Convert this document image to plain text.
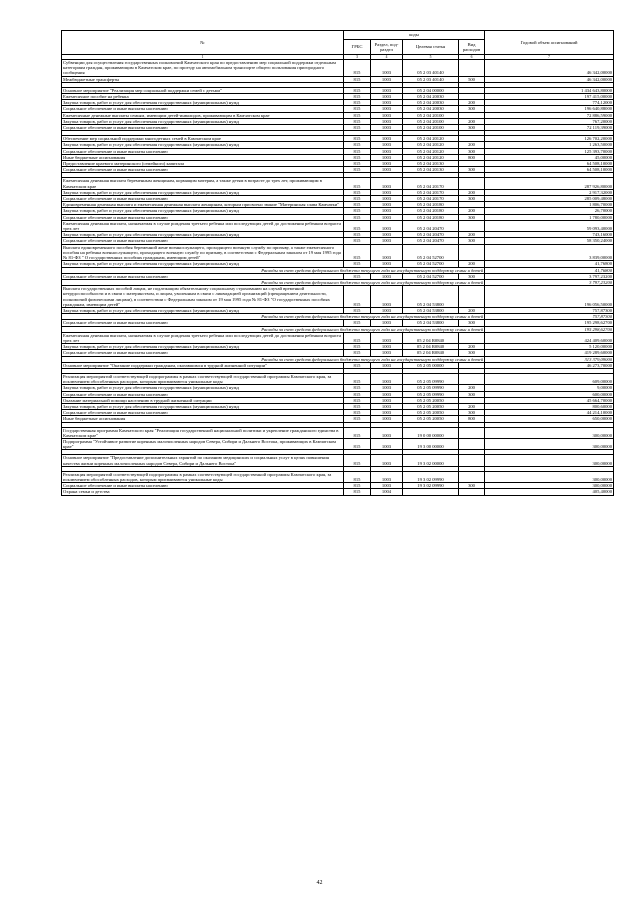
№	коды				Годовой объем ассигнований
	ГРБС	Раздел, под-раздел	Целевая статья	Вид расходов	
1	3	4	5	6	7
Субвенции для осуществления государственных полномочий Камчатского края по предоставлению мер социальной поддержки отдельным категориям граждан, проживающим в Камчатском крае, по проезду на автомобильном транспорте общего пользования пригородного сообщения	815	1003	05 2 03 40140		46 342,00000
Межбюджетные трансферты	815	1003	05 2 03 40140	500	46 342,00000

Основное мероприятие "Реализация мер социальной поддержки семей с детьми"	815	1003	05 2 04 00000		1 434 643,80000
Ежемесячное пособие на ребенка	815	1003	05 2 04 20030		197 415,00000
Закупка товаров, работ и услуг для обеспечения государственных (муниципальных) нужд	815	1003	05 2 04 20030	200	774,12000
Социальное обеспечение и иные выплаты населению	815	1003	05 2 04 20030	300	196 640,88000
Ежемесячные денежные выплаты семьям, имеющим детей-инвалидов, проживающим в Камчатском крае	815	1003	05 2 04 20100		72 886,59000
Закупка товаров, работ и услуг для обеспечения государственных (муниципальных) нужд	815	1003	05 2 04 20100	200	767,20000
Социальное обеспечение и иные выплаты населению	815	1003	05 2 04 20100	300	72 119,39000

Обеспечение мер социальной поддержки многодетных семей в Камчатском крае	815	1003	05 2 04 20120		126 702,20000
Закупка товаров, работ и услуг для обеспечения государственных (муниципальных) нужд	815	1003	05 2 04 20120	200	1 263,50000
Социальное обеспечение и иные выплаты населению	815	1003	05 2 04 20120	300	125 393,70000
Иные бюджетные ассигнования	815	1003	05 2 04 20120	800	45,00000
Предоставление краевого материнского (семейного) капитала	815	1003	05 2 04 20130		64 508,10000
Социальное обеспечение и иные выплаты населению	815	1003	05 2 04 20130	300	64 508,10000

Ежемесячная денежная выплата беременным женщинам, кормящим матерям, а также детям в возрасте до трех лет, проживающим в Камчатском крае	815	1003	05 2 04 20170		287 926,80000
Закупка товаров, работ и услуг для обеспечения государственных (муниципальных) нужд	815	1003	05 2 04 20170	200	2 917,32000
Социальное обеспечение и иные выплаты населению	815	1003	05 2 04 20170	300	285 009,48000
Единовременная денежная выплата и ежемесячная денежная выплата женщинам, которым присвоено звание "Материнская слава Камчатки"	815	1003	05 2 04 20180		1 806,70000
Закупка товаров, работ и услуг для обеспечения государственных (муниципальных) нужд	815	1003	05 2 04 20180	200	26,70000
Социальное обеспечение и иные выплаты населению	815	1003	05 2 04 20180	300	1 780,00000
Ежемесячная денежная выплата, назначаемая в случае рождения третьего ребенка или последующих детей до достижения ребенком возраста трех лет	815	1003	05 2 04 20470		59 093,40000
Закупка товаров, работ и услуг для обеспечения государственных (муниципальных) нужд	815	1003	05 2 04 20470	200	743,16000
Социальное обеспечение и иные выплаты населению	815	1003	05 2 04 20470	300	58 350,24000
Выплата единовременного пособия беременной жене военнослужащего, проходящего военную службу по призыву, а также ежемесячного пособия на ребенка военнослужащего, проходящего военную службу по призыву, в соответствии с Федеральным законом от 19 мая 1995 года № 81-ФЗ " О государственных пособиях гражданам, имеющим детей"	815	1003	05 2 04 52700		3 839,00000
Закупка товаров, работ и услуг для обеспечения государственных (муниципальных) нужд	815	1003	05 2 04 52700	200	41,76800
Расходы за счет средств федерального бюджета текущего года на государственную поддержку семьи и детей					41,76800
Социальное обеспечение и иные выплаты населению	815	1003	05 2 04 52700	300	3 797,23200
Расходы за счет средств федерального бюджета текущего года на государственную поддержку семьи и детей					3 797,23200
Выплата государственных пособий лицам, не подлежащим обязательному социальному страхованию на случай временной нетрудоспособности и в связи с материнством, и лицам, уволенным в связи с ликвидацией организаций (прекращением деятельности, полномочий физическими лицами), в соответствии с Федеральным законом от 19 мая 1995 года № 81-ФЗ "О государственных пособиях гражданам, имеющим детей"	815	1003	05 2 04 53800		196 056,50000
Закупка товаров, работ и услуг для обеспечения государственных (муниципальных) нужд	815	1003	05 2 04 53800	200	757,87300
Расходы за счет средств федерального бюджета текущего года на государственную поддержку семьи и детей					757,87300
Социальное обеспечение и иные выплаты населению	815	1003	05 2 04 53800	300	195 298,62700
Расходы за счет средств федерального бюджета текущего года на государственную поддержку семьи и детей					195 298,62700
Ежемесячная денежная выплата, назначаемая в случае рождения третьего ребенка или последующих детей до достижения ребенком возраста трех лет	815	1003	05 2 04 R0840		424 409,60000
Закупка товаров, работ и услуг для обеспечения государственных (муниципальных) нужд	815	1003	05 2 04 R0840	200	5 120,00000
Социальное обеспечение и иные выплаты населению	815	1003	05 2 04 R0840	300	419 289,60000
Расходы за счет средств федерального бюджета текущего года на государственную поддержку семьи и детей					313 379,09000
Основное мероприятие "Оказание поддержки гражданам, оказавшимся в трудной жизненной ситуации"	815	1003	05 2 05 00000		46 273,70000

Реализация мероприятий соответствующей подпрограммы в рамках соответствующей государственной программы Камчатского края, за исключением обособленных расходов, которым присваиваются уникальные коды	815	1003	05 2 05 09990		609,00000
Закупка товаров, работ и услуг для обеспечения государственных (муниципальных) нужд	815	1003	05 2 05 09990	200	9,00000
Социальное обеспечение и иные выплаты населению	815	1003	05 2 05 09990	300	600,00000
Оказание материальной помощи населению в трудной жизненной ситуации	815	1003	05 2 05 20050		45 664,70000
Закупка товаров, работ и услуг для обеспечения государственных (муниципальных) нужд	815	1003	05 2 05 20050	200	800,60000
Социальное обеспечение и иные выплаты населению	815	1003	05 2 05 20050	300	44 214,10000
Иные бюджетные ассигнования	815	1003	05 2 05 20050	800	650,00000

Государственная программа Камчатского края "Реализация государственной национальной политики и укрепление гражданского единства в Камчатском крае"	815	1003	19 0 00 00000		300,00000
Подпрограмма "Устойчивое развитие коренных малочисленных народов Севера, Сибири и Дальнего Востока, проживающих в Камчатском крае"	815	1003	19 3 00 00000		300,00000

Основное мероприятие "Предоставление дополнительных гарантий по оказанию медицинских и социальных услуг в целях повышения качества жизни коренных малочисленных народов Севера, Сибири и Дальнего Востока"	815	1003	19 3 02 00000		300,00000

Реализация мероприятий соответствующей подпрограммы в рамках соответствующей государственной программы Камчатского края, за исключением обособленных расходов, которым присваиваются уникальные коды	815	1003	19 3 02 09990		300,00000
Социальное обеспечение и иные выплаты населению	815	1003	19 3 02 09990	300	300,00000
Охрана семьи и детства	815	1004			405,40000
42
